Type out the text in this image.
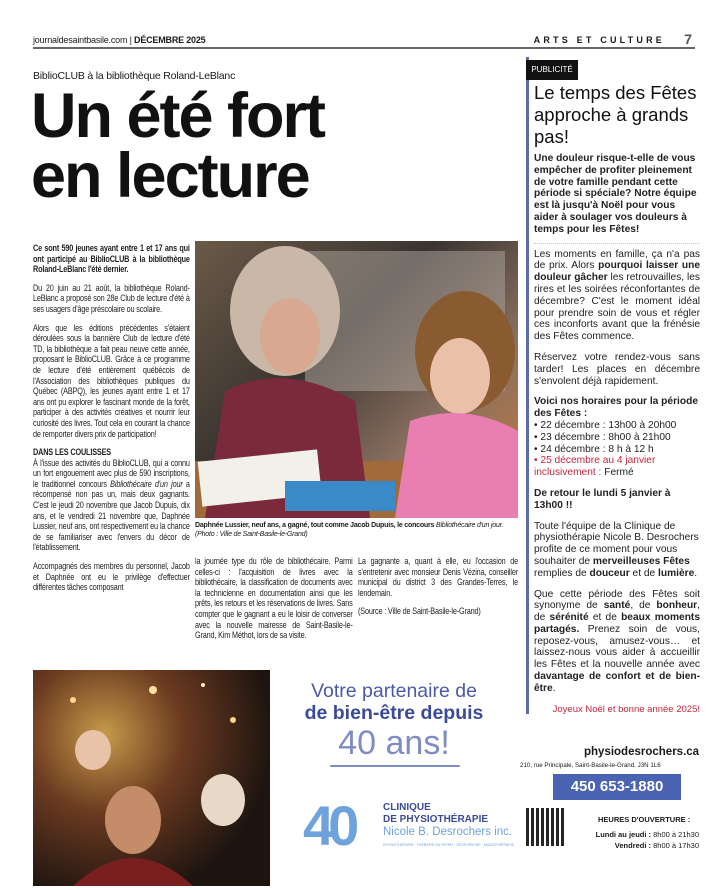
journaldesaintbasile.com | DÉCEMBRE 2025	ARTS ET CULTURE 7
BiblioCLUB à la bibliothèque Roland-LeBlanc
Un été fort
en lecture

Ce sont 590 jeunes ayant entre 1 et 17 ans qui ont participé au BiblioCLUB à la bibliothèque Roland-LeBlanc l'été dernier.

Du 20 juin au 21 août, la bibliothèque Roland-LeBlanc a proposé son 28e Club de lecture d'été à ses usagers d'âge préscolaire ou scolaire.

Alors que les éditions précédentes s'étaient déroulées sous la bannière Club de lecture d'été TD, la bibliothèque a fait peau neuve cette année, proposant le BiblioCLUB. Grâce à ce programme de lecture d'été entièrement québécois de l'Association des bibliothèques publiques du Québec (ABPQ), les jeunes ayant entre 1 et 17 ans ont pu explorer le fascinant monde de la forêt, participer à des activités créatives et nourrir leur curiosité des livres. Tout cela en courant la chance de remporter divers prix de participation!

DANS LES COULISSES

À l'issue des activités du BiblioCLUB, qui a connu un fort engouement avec plus de 590 inscriptions, le traditionnel concours Bibliothécaire d'un jour a récompensé non pas un, mais deux gagnants. C'est le jeudi 20 novembre que Jacob Dupuis, dix ans, et le vendredi 21 novembre que, Daphnée Lussier, neuf ans, ont respectivement eu la chance de se familiariser avec l'envers du décor de l'établissement.

Accompagnés des membres du personnel, Jacob et Daphnée ont eu le privilège d'effectuer différentes tâches composant

Daphnée Lussier, neuf ans, a gagné, tout comme Jacob Dupuis, le concours Bibliothécaire d'un jour.
(Photo : Ville de Saint-Basile-le-Grand)

la journée type du rôle de bibliothécaire. Parmi celles-ci : l'acquisition de livres avec la bibliothécaire, la classification de documents avec la technicienne en documentation ainsi que les prêts, les retours et les réservations de livres. Sans compter que le gagnant a eu le loisir de converser avec la nouvelle mairesse de Saint-Basile-le-Grand, Kim Méthot, lors de sa visite.

La gagnante a, quant à elle, eu l'occasion de s'entretenir avec monsieur Denis Vézina, conseiller municipal du district 3 des Grandes-Terres, le lendemain.

(Source : Ville de Saint-Basile-le-Grand)

PUBLICITÉ
Le temps des Fêtes approche à grands pas!

Une douleur risque-t-elle de vous empêcher de profiter pleinement de votre famille pendant cette période si spéciale? Notre équipe est là jusqu'à Noël pour vous aider à soulager vos douleurs à temps pour les Fêtes!

Les moments en famille, ça n'a pas de prix. Alors pourquoi laisser une douleur gâcher les retrouvailles, les rires et les soirées réconfortantes de décembre? C'est le moment idéal pour prendre soin de vous et régler ces inconforts avant que la frénésie des Fêtes commence.

Réservez votre rendez-vous sans tarder! Les places en décembre s'envolent déjà rapidement.

Voici nos horaires pour la période des Fêtes :
• 22 décembre : 13h00 à 20h00
• 23 décembre : 8h00 à 21h00
• 24 décembre : 8 h à 12 h

• 25 décembre au 4 janvier inclusivement : Fermé

De retour le lundi 5 janvier à 13h00 !!

Toute l'équipe de la Clinique de physiothérapie Nicole B. Desrochers profite de ce moment pour vous souhaiter de merveilleuses Fêtes remplies de douceur et de lumière.

Que cette période des Fêtes soit synonyme de santé, de bonheur, de sérénité et de beaux moments partagés. Prenez soin de vous, reposez-vous, amusez-vous… et laissez-nous vous aider à accueillir les Fêtes et la nouvelle année avec davantage de confort et de bien-être.

Joyeux Noël et bonne année 2025!
physiodesrochers.ca
210, rue Principale, Saint-Basile-le-Grand, J3N 1L6
450 653-1880
HEURES D'OUVERTURE :
Lundi au jeudi : 8h00 à 21h30
Vendredi : 8h00 à 17h30
Votre partenaire de
de bien-être depuis
40 ans!
40	CLINIQUE
DE PHYSIOTHÉRAPIE
Nicole B. Desrochers inc.
PHYSIOTHÉRAPIE · THÉRAPIE DU SPORT · OSTÉOPATHIE · MASSOTHÉRAPIE
